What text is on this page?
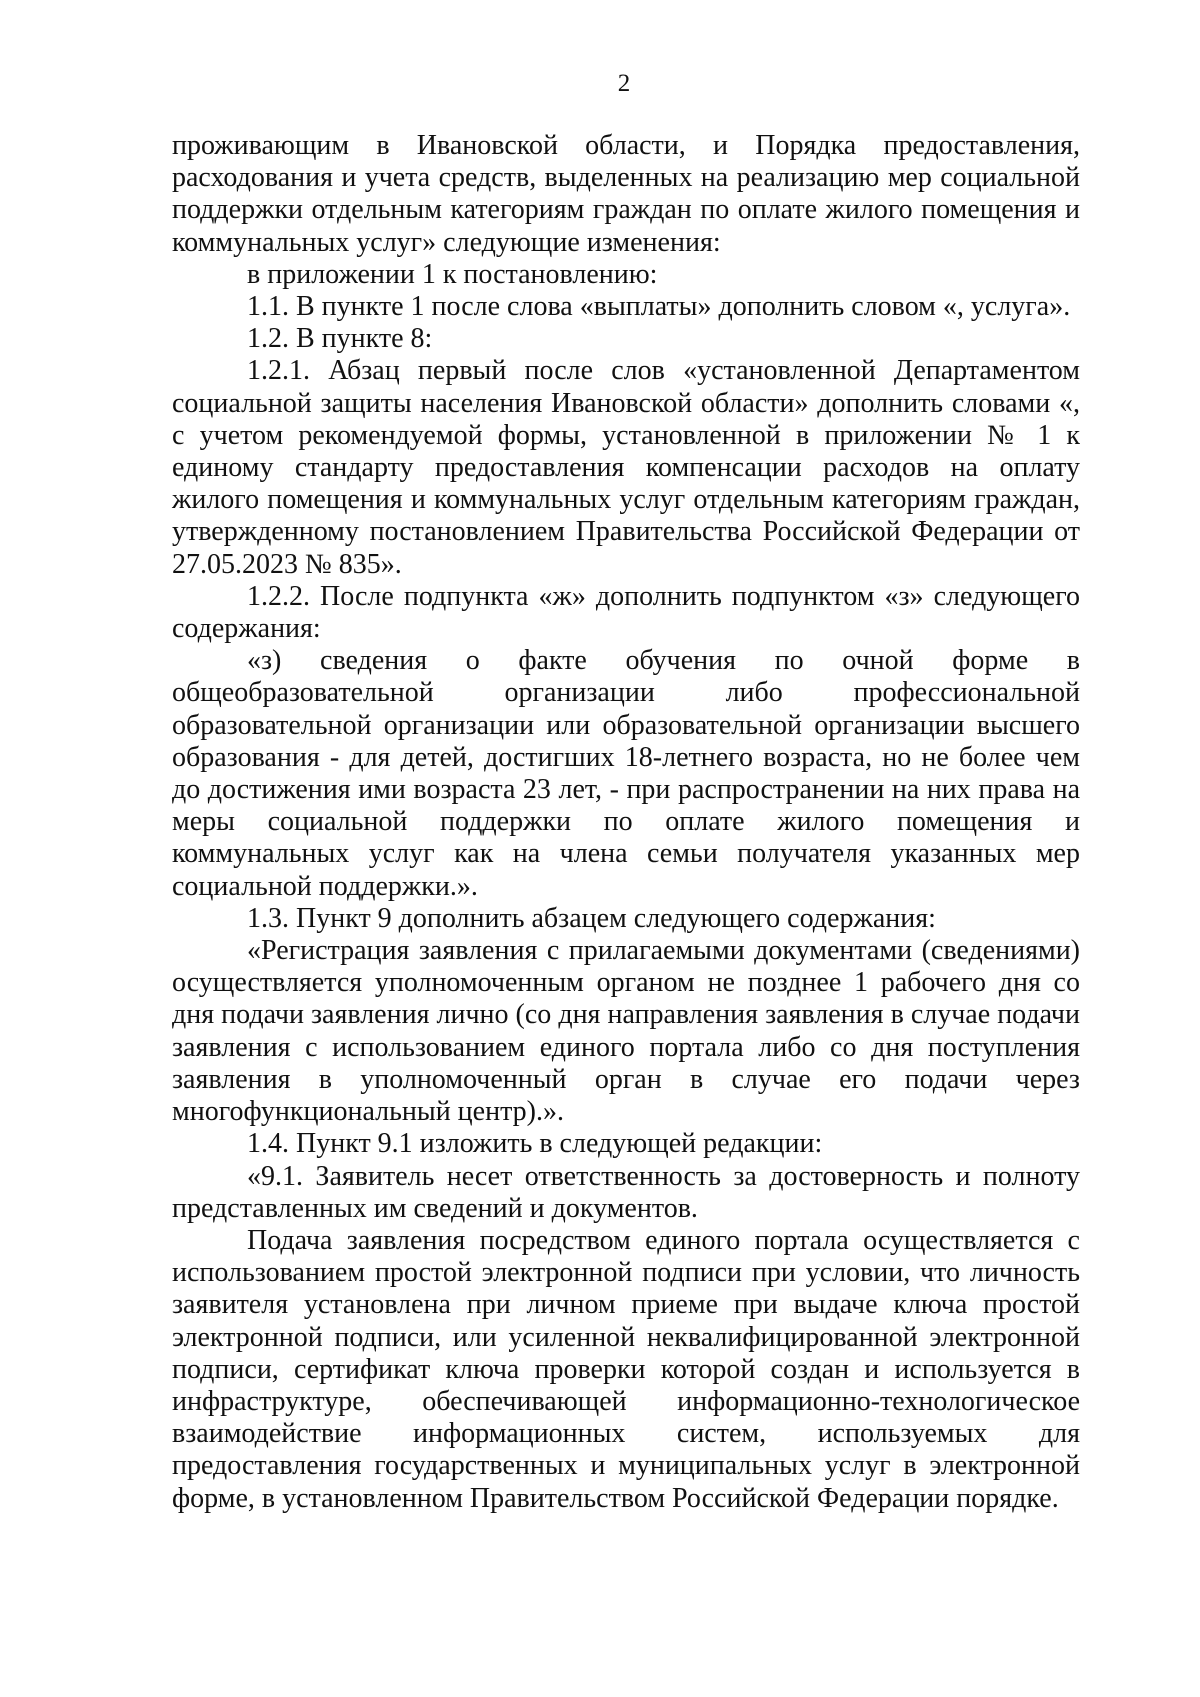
2

проживающим в Ивановской области, и Порядка предоставления, расходования и учета средств, выделенных на реализацию мер социальной поддержки отдельным категориям граждан по оплате жилого помещения и коммунальных услуг» следующие изменения:

в приложении 1 к постановлению:

1.1. В пункте 1 после слова «выплаты» дополнить словом «, услуга».

1.2. В пункте 8:

1.2.1. Абзац первый после слов «установленной Департаментом социальной защиты населения Ивановской области» дополнить словами «, с учетом рекомендуемой формы, установленной в приложении № 1 к единому стандарту предоставления компенсации расходов на оплату жилого помещения и коммунальных услуг отдельным категориям граждан, утвержденному постановлением Правительства Российской Федерации от 27.05.2023 № 835».

1.2.2. После подпункта «ж» дополнить подпунктом «з» следующего содержания:

«з) сведения о факте обучения по очной форме в общеобразовательной организации либо профессиональной образовательной организации или образовательной организации высшего образования - для детей, достигших 18-летнего возраста, но не более чем до достижения ими возраста 23 лет, - при распространении на них права на меры социальной поддержки по оплате жилого помещения и коммунальных услуг как на члена семьи получателя указанных мер социальной поддержки.».

1.3. Пункт 9 дополнить абзацем следующего содержания:

«Регистрация заявления с прилагаемыми документами (сведениями) осуществляется уполномоченным органом не позднее 1 рабочего дня со дня подачи заявления лично (со дня направления заявления в случае подачи заявления с использованием единого портала либо со дня поступления заявления в уполномоченный орган в случае его подачи через многофункциональный центр).».

1.4. Пункт 9.1 изложить в следующей редакции:

«9.1. Заявитель несет ответственность за достоверность и полноту представленных им сведений и документов.

Подача заявления посредством единого портала осуществляется с использованием простой электронной подписи при условии, что личность заявителя установлена при личном приеме при выдаче ключа простой электронной подписи, или усиленной неквалифицированной электронной подписи, сертификат ключа проверки которой создан и используется в инфраструктуре, обеспечивающей информационно-технологическое взаимодействие информационных систем, используемых для предоставления государственных и муниципальных услуг в электронной форме, в установленном Правительством Российской Федерации порядке.
